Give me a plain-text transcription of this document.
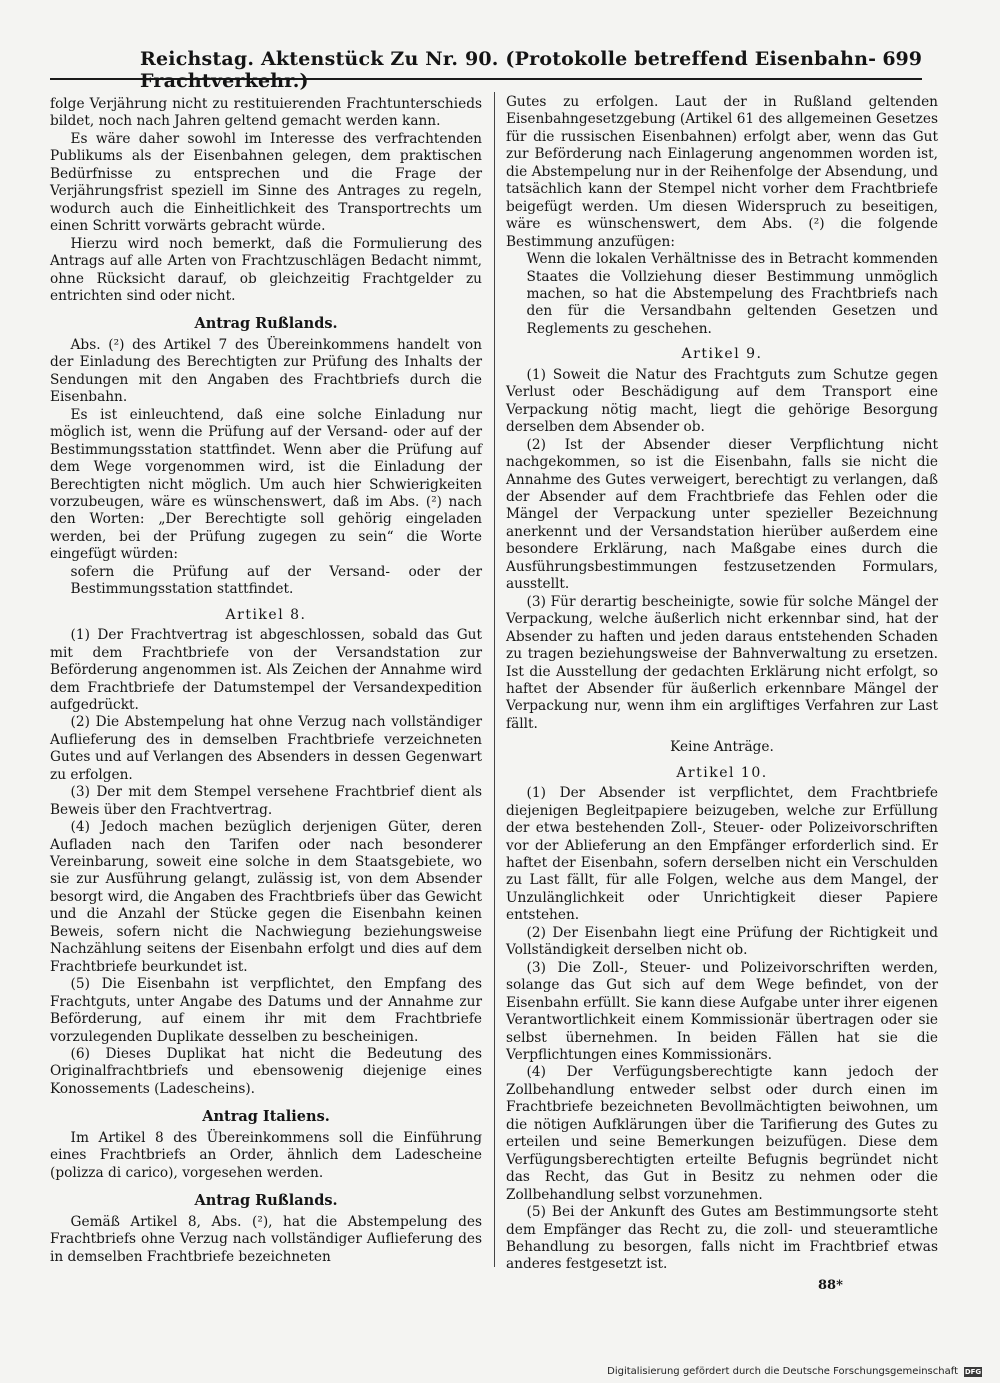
Reichstag. Aktenstück Zu Nr. 90. (Protokolle betreffend Eisenbahn-Frachtverkehr.)
699

folge Verjährung nicht zu restituierenden Frachtunterschieds bildet, noch nach Jahren geltend gemacht werden kann.

Es wäre daher sowohl im Interesse des verfrachtenden Publikums als der Eisenbahnen gelegen, dem praktischen Bedürfnisse zu entsprechen und die Frage der Verjährungsfrist speziell im Sinne des Antrages zu regeln, wodurch auch die Einheitlichkeit des Transportrechts um einen Schritt vorwärts gebracht würde.

Hierzu wird noch bemerkt, daß die Formulierung des Antrags auf alle Arten von Frachtzuschlägen Bedacht nimmt, ohne Rücksicht darauf, ob gleichzeitig Frachtgelder zu entrichten sind oder nicht.

Antrag Rußlands.

Abs. (²) des Artikel 7 des Übereinkommens handelt von der Einladung des Berechtigten zur Prüfung des Inhalts der Sendungen mit den Angaben des Frachtbriefs durch die Eisenbahn.

Es ist einleuchtend, daß eine solche Einladung nur möglich ist, wenn die Prüfung auf der Versand- oder auf der Bestimmungsstation stattfindet. Wenn aber die Prüfung auf dem Wege vorgenommen wird, ist die Einladung der Berechtigten nicht möglich. Um auch hier Schwierigkeiten vorzubeugen, wäre es wünschenswert, daß im Abs. (²) nach den Worten: „Der Berechtigte soll gehörig eingeladen werden, bei der Prüfung zugegen zu sein“ die Worte eingefügt würden:

sofern die Prüfung auf der Versand- oder der Bestimmungsstation stattfindet.
Artikel 8.

(1) Der Frachtvertrag ist abgeschlossen, sobald das Gut mit dem Frachtbriefe von der Versandstation zur Beförderung angenommen ist. Als Zeichen der Annahme wird dem Frachtbriefe der Datumstempel der Versandexpedition aufgedrückt.

(2) Die Abstempelung hat ohne Verzug nach vollständiger Auflieferung des in demselben Frachtbriefe verzeichneten Gutes und auf Verlangen des Absenders in dessen Gegenwart zu erfolgen.

(3) Der mit dem Stempel versehene Frachtbrief dient als Beweis über den Frachtvertrag.

(4) Jedoch machen bezüglich derjenigen Güter, deren Aufladen nach den Tarifen oder nach besonderer Vereinbarung, soweit eine solche in dem Staatsgebiete, wo sie zur Ausführung gelangt, zulässig ist, von dem Absender besorgt wird, die Angaben des Frachtbriefs über das Gewicht und die Anzahl der Stücke gegen die Eisenbahn keinen Beweis, sofern nicht die Nachwiegung beziehungsweise Nachzählung seitens der Eisenbahn erfolgt und dies auf dem Frachtbriefe beurkundet ist.

(5) Die Eisenbahn ist verpflichtet, den Empfang des Frachtguts, unter Angabe des Datums und der Annahme zur Beförderung, auf einem ihr mit dem Frachtbriefe vorzulegenden Duplikate desselben zu bescheinigen.

(6) Dieses Duplikat hat nicht die Bedeutung des Originalfrachtbriefs und ebensowenig diejenige eines Konossements (Ladescheins).

Antrag Italiens.

Im Artikel 8 des Übereinkommens soll die Einführung eines Frachtbriefs an Order, ähnlich dem Ladescheine (polizza di carico), vorgesehen werden.

Antrag Rußlands.

Gemäß Artikel 8, Abs. (²), hat die Abstempelung des Frachtbriefs ohne Verzug nach vollständiger Auflieferung des in demselben Frachtbriefe bezeichneten

Gutes zu erfolgen. Laut der in Rußland geltenden Eisenbahngesetzgebung (Artikel 61 des allgemeinen Gesetzes für die russischen Eisenbahnen) erfolgt aber, wenn das Gut zur Beförderung nach Einlagerung angenommen worden ist, die Abstempelung nur in der Reihenfolge der Absendung, und tatsächlich kann der Stempel nicht vorher dem Frachtbriefe beigefügt werden. Um diesen Widerspruch zu beseitigen, wäre es wünschenswert, dem Abs. (²) die folgende Bestimmung anzufügen:

Wenn die lokalen Verhältnisse des in Betracht kommenden Staates die Vollziehung dieser Bestimmung unmöglich machen, so hat die Abstempelung des Frachtbriefs nach den für die Versandbahn geltenden Gesetzen und Reglements zu geschehen.
Artikel 9.

(1) Soweit die Natur des Frachtguts zum Schutze gegen Verlust oder Beschädigung auf dem Transport eine Verpackung nötig macht, liegt die gehörige Besorgung derselben dem Absender ob.

(2) Ist der Absender dieser Verpflichtung nicht nachgekommen, so ist die Eisenbahn, falls sie nicht die Annahme des Gutes verweigert, berechtigt zu verlangen, daß der Absender auf dem Frachtbriefe das Fehlen oder die Mängel der Verpackung unter spezieller Bezeichnung anerkennt und der Versandstation hierüber außerdem eine besondere Erklärung, nach Maßgabe eines durch die Ausführungsbestimmungen festzusetzenden Formulars, ausstellt.

(3) Für derartig bescheinigte, sowie für solche Mängel der Verpackung, welche äußerlich nicht erkennbar sind, hat der Absender zu haften und jeden daraus entstehenden Schaden zu tragen beziehungsweise der Bahnverwaltung zu ersetzen. Ist die Ausstellung der gedachten Erklärung nicht erfolgt, so haftet der Absender für äußerlich erkennbare Mängel der Verpackung nur, wenn ihm ein argliftiges Verfahren zur Last fällt.

Keine Anträge.
Artikel 10.

(1) Der Absender ist verpflichtet, dem Frachtbriefe diejenigen Begleitpapiere beizugeben, welche zur Erfüllung der etwa bestehenden Zoll-, Steuer- oder Polizeivorschriften vor der Ablieferung an den Empfänger erforderlich sind. Er haftet der Eisenbahn, sofern derselben nicht ein Verschulden zu Last fällt, für alle Folgen, welche aus dem Mangel, der Unzulänglichkeit oder Unrichtigkeit dieser Papiere entstehen.

(2) Der Eisenbahn liegt eine Prüfung der Richtigkeit und Vollständigkeit derselben nicht ob.

(3) Die Zoll-, Steuer- und Polizeivorschriften werden, solange das Gut sich auf dem Wege befindet, von der Eisenbahn erfüllt. Sie kann diese Aufgabe unter ihrer eigenen Verantwortlichkeit einem Kommissionär übertragen oder sie selbst übernehmen. In beiden Fällen hat sie die Verpflichtungen eines Kommissionärs.

(4) Der Verfügungsberechtigte kann jedoch der Zollbehandlung entweder selbst oder durch einen im Frachtbriefe bezeichneten Bevollmächtigten beiwohnen, um die nötigen Aufklärungen über die Tarifierung des Gutes zu erteilen und seine Bemerkungen beizufügen. Diese dem Verfügungsberechtigten erteilte Befugnis begründet nicht das Recht, das Gut in Besitz zu nehmen oder die Zollbehandlung selbst vorzunehmen.

(5) Bei der Ankunft des Gutes am Bestimmungsorte steht dem Empfänger das Recht zu, die zoll- und steueramtliche Behandlung zu besorgen, falls nicht im Frachtbrief etwas anderes festgesetzt ist.

88*
Digitalisierung gefördert durch die Deutsche Forschungsgemeinschaft DFG
